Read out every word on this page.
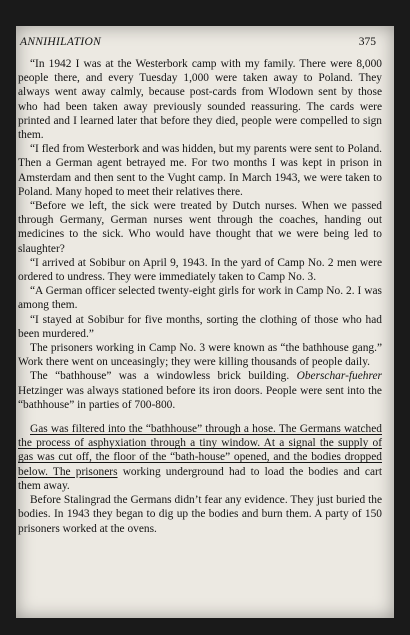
ANNIHILATION	375

“In 1942 I was at the Westerbork camp with my family. There were 8,000 people there, and every Tuesday 1,000 were taken away to Poland. They always went away calmly, because post-cards from Wlodown sent by those who had been taken away previously sounded reassuring. The cards were printed and I learned later that before they died, people were compelled to sign them.

“I fled from Westerbork and was hidden, but my parents were sent to Poland. Then a German agent betrayed me. For two months I was kept in prison in Amsterdam and then sent to the Vught camp. In March 1943, we were taken to Poland. Many hoped to meet their relatives there.

“Before we left, the sick were treated by Dutch nurses. When we passed through Germany, German nurses went through the coaches, handing out medicines to the sick. Who would have thought that we were being led to slaughter?

“I arrived at Sobibur on April 9, 1943. In the yard of Camp No. 2 men were ordered to undress. They were immediately taken to Camp No. 3.

“A German officer selected twenty-eight girls for work in Camp No. 2. I was among them.

“I stayed at Sobibur for five months, sorting the clothing of those who had been murdered.”

The prisoners working in Camp No. 3 were known as “the bathhouse gang.” Work there went on unceasingly; they were killing thousands of people daily.

The “bathhouse” was a windowless brick building. Oberschar-fuehrer Hetzinger was always stationed before its iron doors. People were sent into the “bathhouse” in parties of 700-800.

Gas was filtered into the “bathhouse” through a hose. The Germans watched the process of asphyxiation through a tiny window. At a signal the supply of gas was cut off, the floor of the “bath-house” opened, and the bodies dropped below. The prisoners working underground had to load the bodies and cart them away.

Before Stalingrad the Germans didn’t fear any evidence. They just buried the bodies. In 1943 they began to dig up the bodies and burn them. A party of 150 prisoners worked at the ovens.
